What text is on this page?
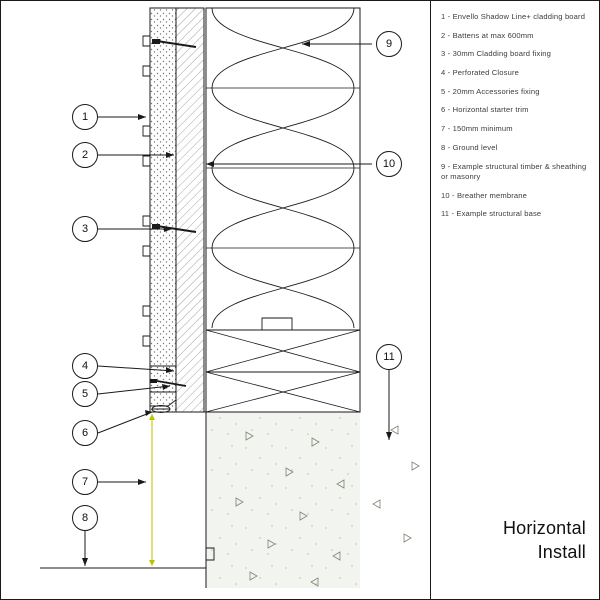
1
2
3
4
5
6
7
8
9
10
11
1 - Envello Shadow Line+ cladding board
2 - Battens at max 600mm
3 - 30mm Cladding board fixing
4 - Perforated Closure
5 - 20mm Accessories fixing
6 - Horizontal starter trim
7 - 150mm minimum
8 - Ground level
9 - Example structural timber & sheathing or masonry
10 - Breather membrane
11 - Example structural base
Horizontal
Install
